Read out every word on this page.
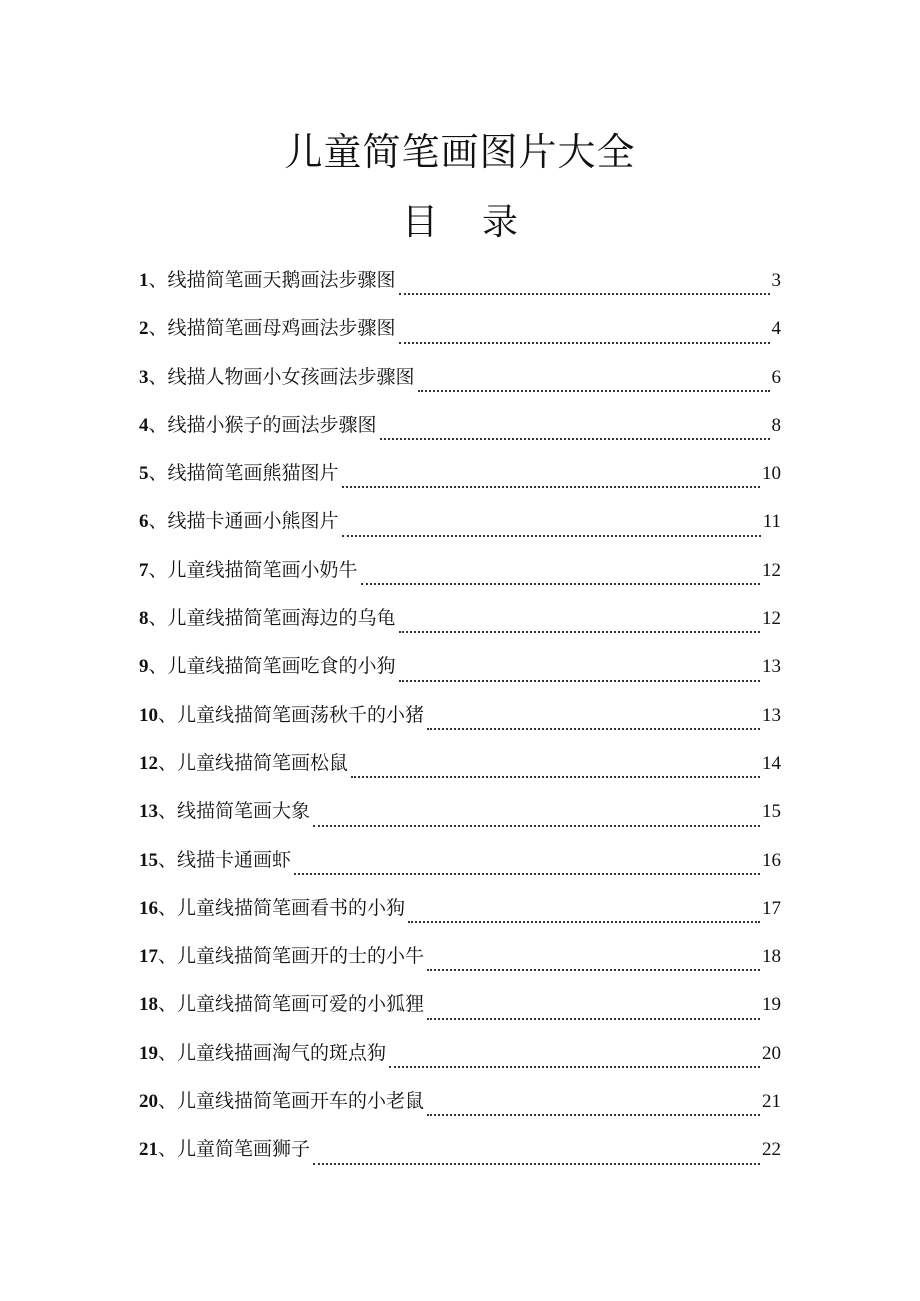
儿童简笔画图片大全
目 录
1 、 线描简笔画天鹅画法步骤图	3
2 、 线描简笔画母鸡画法步骤图	4
3 、 线描人物画小女孩画法步骤图	6
4 、 线描小猴子的画法步骤图	8
5 、 线描简笔画熊猫图片	10
6 、 线描卡通画小熊图片	11
7 、 儿童线描简笔画小奶牛	12
8 、 儿童线描简笔画海边的乌龟	12
9 、 儿童线描简笔画吃食的小狗	13
10 、 儿童线描简笔画荡秋千的小猪	13
12 、 儿童线描简笔画松鼠	14
13 、 线描简笔画大象	15
15 、 线描卡通画虾	16
16 、 儿童线描简笔画看书的小狗	17
17 、 儿童线描简笔画开的士的小牛	18
18 、 儿童线描简笔画可爱的小狐狸	19
19 、 儿童线描画淘气的斑点狗	20
20 、 儿童线描简笔画开车的小老鼠	21
21 、 儿童简笔画狮子	22
